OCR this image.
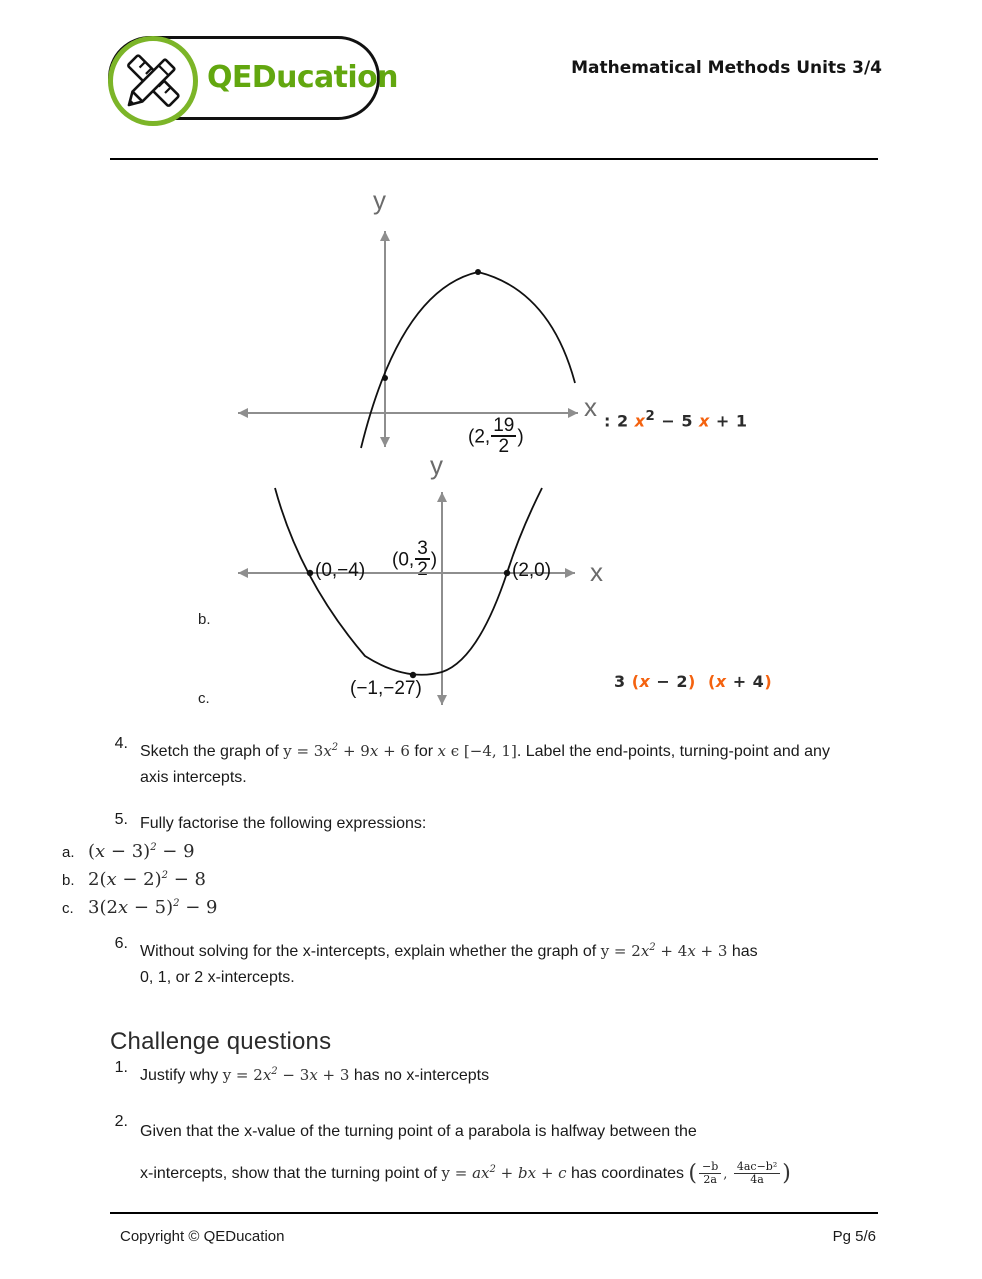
QEDucation	Mathematical Methods Units 3/4
b.
y
x
(2, $\frac{19}{2}$ )
(0, $\frac{3}{2}$ )
: 2 $x^2 - 5$ x + 1
c.
y
x
(0,−4)	(2,0)
(−1,−27)	3 (x − 2) (x + 4)
4. Sketch the graph of $y = 3x^2 + 9x + 6$ for x ϵ [−4, 1]. Label the end-points, turning-point and any axis intercepts.
5. Fully factorise the following expressions:
a. $(x - 3)^2 - 9$
b. $2(x - 2)^2 - 8$
c. $3(2x - 5)^2 - 9$
6. Without solving for the x-intercepts, explain whether the graph of $y = 2x^2 + 4x + 3$ has
0, 1, or 2 x-intercepts.
1. Justify why $y = 2x^2 - 3x + 3$ has no x-intercepts
2.
Given that the x-value of the turning point of a parabola is halfway between the
x-intercepts, show that the turning point of $y = ax^2$ + bx + c has coordinates ( $\frac{-b}{2a}$ , $\frac{\text{4ac−b²}}{4a}$ )
Challenge questions
Copyright © QEDucation	Pg 5/6
